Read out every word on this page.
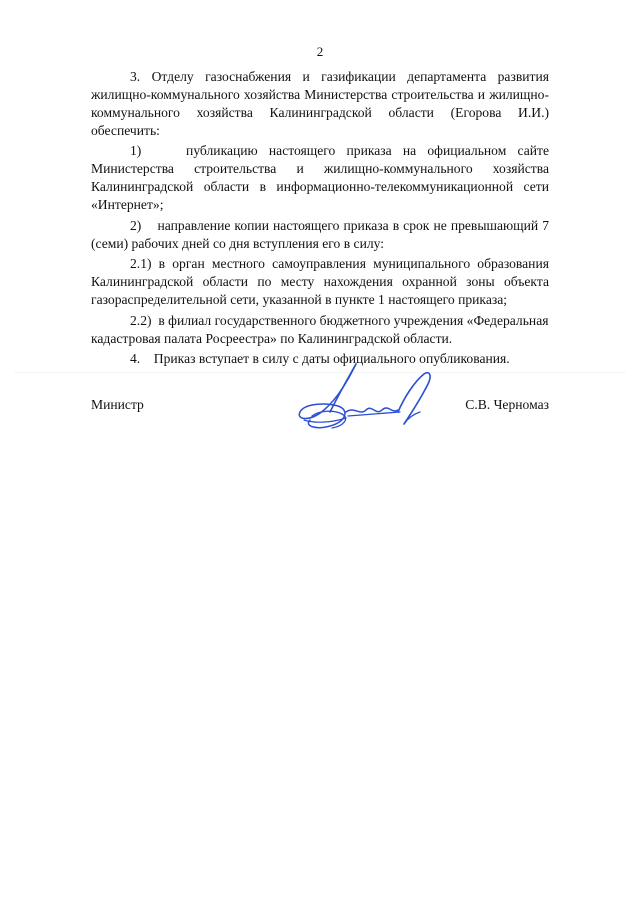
2

3. Отделу газоснабжения и газификации департамента развития жилищно-коммунального хозяйства Министерства строительства и жилищно-коммунального хозяйства Калининградской области (Егорова И.И.) обеспечить:

1)    публикацию настоящего приказа на официальном сайте Министерства строительства и жилищно-коммунального хозяйства Калининградской области в информационно-телекоммуникационной сети «Интернет»;

2)    направление копии настоящего приказа в срок не превышающий 7 (семи) рабочих дней со дня вступления его в силу:

2.1) в орган местного самоуправления муниципального образования Калининградской области по месту нахождения охранной зоны объекта газораспределительной сети, указанной в пункте 1 настоящего приказа;

2.2)  в филиал государственного бюджетного учреждения «Федеральная кадастровая палата Росреестра» по Калининградской области.

4.    Приказ вступает в силу с даты официального опубликования.

Министр	С.В. Черномаз
